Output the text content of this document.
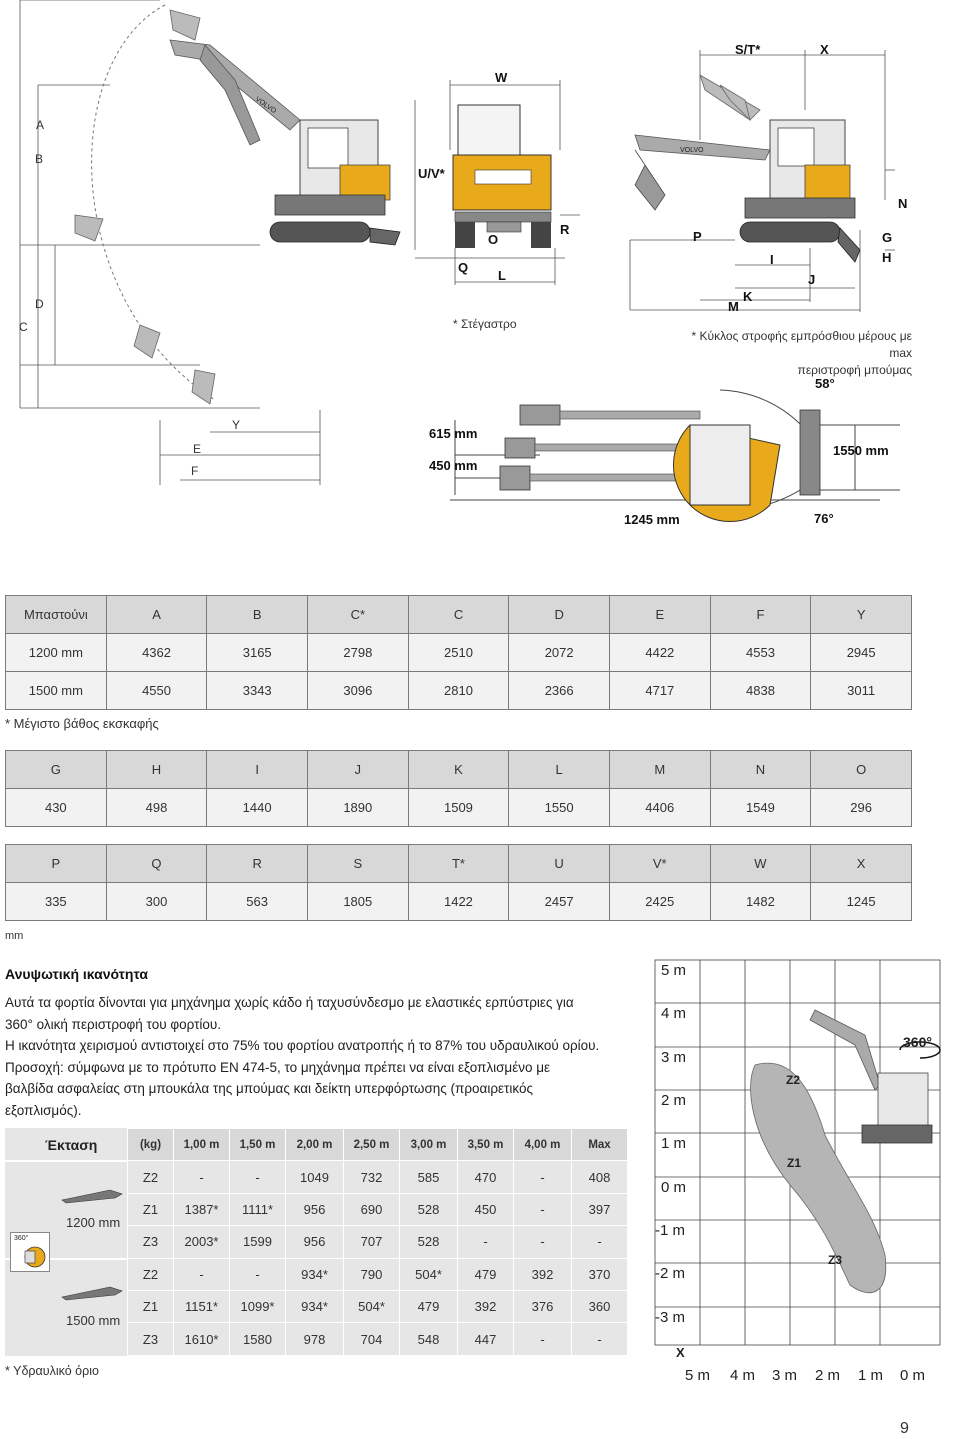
VOLVO
VOLVO
A
B
C
D
E
F
Y
W
U/V*
O
R
Q
L
* Στέγαστρο
S/T*	X
N
G
H
P
I
J
K
M
* Κύκλος στροφής εμπρόσθιου μέρους με max
περιστροφή μπούμας
58°
76°
615 mm
450 mm
1550 mm
1245 mm
Μπαστούνι	A	B	C*	C	D	E	F	Y
1200 mm	4362	3165	2798	2510	2072	4422	4553	2945
1500 mm	4550	3343	3096	2810	2366	4717	4838	3011
* Μέγιστο βάθος εκσκαφής
G	H	I	J	K	L	M	N	O
430	498	1440	1890	1509	1550	4406	1549	296
P	Q	R	S	T*	U	V*	W	X
335	300	563	1805	1422	2457	2425	1482	1245
mm
Ανυψωτική ικανότητα
Αυτά τα φορτία δίνονται για μηχάνημα χωρίς κάδο ή ταχυσύνδεσμο με ελαστικές ερπύστριες για
360° ολική περιστροφή του φορτίου.
Η ικανότητα χειρισμού αντιστοιχεί στο 75% του φορτίου ανατροπής ή το 87% του υδραυλικού ορίου.
Προσοχή: σύμφωνα με το πρότυπο EN 474-5, το μηχάνημα πρέπει να είναι εξοπλισμένο με
βαλβίδα ασφαλείας στη μπουκάλα της μπούμας και δείκτη υπερφόρτωσης (προαιρετικός
εξοπλισμός).
Έκταση
1200 mm
1500 mm
360°
(kg)	1,00 m	1,50 m	2,00 m	2,50 m	3,00 m	3,50 m	4,00 m	Max
Z2	-	-	1049	732	585	470	-	408
Z1	1387*	1111*	956	690	528	450	-	397
Z3	2003*	1599	956	707	528	-	-	-
Z2	-	-	934*	790	504*	479	392	370
Z1	1151*	1099*	934*	504*	479	392	376	360
Z3	1610*	1580	978	704	548	447	-	-
* Υδραυλικό όριο
360°
Z2
Z1
Z3
5 m
4 m
3 m
2 m
1 m
0 m
-1 m
-2 m
-3 m
X
5 m 4 m 3 m 2 m 1 m 0 m
9
